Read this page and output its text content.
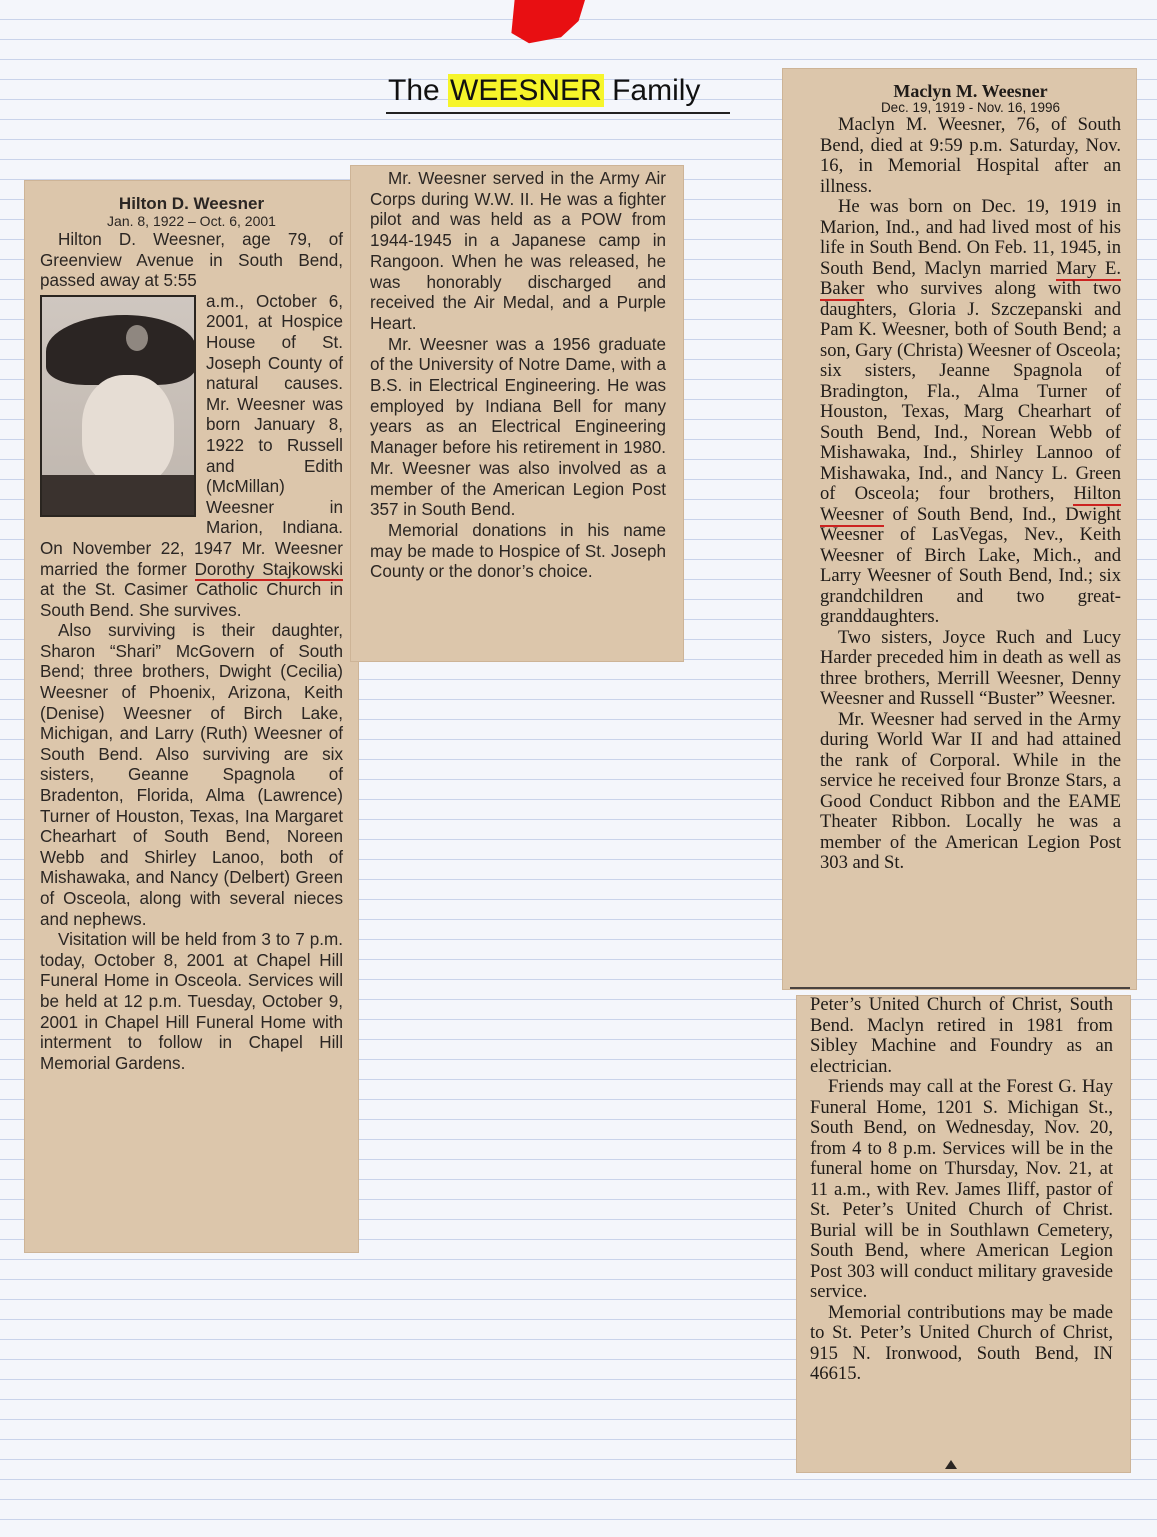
The WEESNER Family

Hilton D. Weesner

Jan. 8, 1922 – Oct. 6, 2001

Hilton D. Weesner, age 79, of Greenview Avenue in South Bend, passed away at 5:55

a.m., October 6, 2001, at Hospice House of St. Joseph County of natural causes. Mr. Weesner was born January 8, 1922 to Russell and Edith (McMillan) Weesner in Marion, Indiana. On November 22, 1947 Mr. Weesner married the former Dorothy Stajkowski at the St. Casimer Catholic Church in South Bend. She survives.

Also surviving is their daughter, Sharon “Shari” McGovern of South Bend; three brothers, Dwight (Cecilia) Weesner of Phoenix, Arizona, Keith (Denise) Weesner of Birch Lake, Michigan, and Larry (Ruth) Weesner of South Bend. Also surviving are six sisters, Geanne Spagnola of Bradenton, Florida, Alma (Lawrence) Turner of Houston, Texas, Ina Margaret Chearhart of South Bend, Noreen Webb and Shirley Lanoo, both of Mishawaka, and Nancy (Delbert) Green of Osceola, along with several nieces and nephews.

Visitation will be held from 3 to 7 p.m. today, October 8, 2001 at Chapel Hill Funeral Home in Osceola. Services will be held at 12 p.m. Tuesday, October 9, 2001 in Chapel Hill Funeral Home with interment to follow in Chapel Hill Memorial Gardens.

Mr. Weesner served in the Army Air Corps during W.W. II. He was a fighter pilot and was held as a POW from 1944-1945 in a Japanese camp in Rangoon. When he was released, he was honorably discharged and received the Air Medal, and a Purple Heart.

Mr. Weesner was a 1956 graduate of the University of Notre Dame, with a B.S. in Electrical Engineering. He was employed by Indiana Bell for many years as an Electrical Engineering Manager before his retirement in 1980. Mr. Weesner was also involved as a member of the American Legion Post 357 in South Bend.

Memorial donations in his name may be made to Hospice of St. Joseph County or the donor’s choice.

Maclyn M. Weesner

Dec. 19, 1919 - Nov. 16, 1996

Maclyn M. Weesner, 76, of South Bend, died at 9:59 p.m. Saturday, Nov. 16, in Memorial Hospital after an illness.

He was born on Dec. 19, 1919 in Marion, Ind., and had lived most of his life in South Bend. On Feb. 11, 1945, in South Bend, Maclyn married Mary E. Baker who survives along with two daughters, Gloria J. Szczepanski and Pam K. Weesner, both of South Bend; a son, Gary (Christa) Weesner of Osceola; six sisters, Jeanne Spagnola of Bradington, Fla., Alma Turner of Houston, Texas, Marg Chearhart of South Bend, Ind., Norean Webb of Mishawaka, Ind., Shirley Lannoo of Mishawaka, Ind., and Nancy L. Green of Osceola; four brothers, Hilton Weesner of South Bend, Ind., Dwight Weesner of LasVegas, Nev., Keith Weesner of Birch Lake, Mich., and Larry Weesner of South Bend, Ind.; six grandchildren and two great-granddaughters.

Two sisters, Joyce Ruch and Lucy Harder preceded him in death as well as three brothers, Merrill Weesner, Denny Weesner and Russell “Buster” Weesner.

Mr. Weesner had served in the Army during World War II and had attained the rank of Corporal. While in the service he received four Bronze Stars, a Good Conduct Ribbon and the EAME Theater Ribbon. Locally he was a member of the American Legion Post 303 and St.

Peter’s United Church of Christ, South Bend. Maclyn retired in 1981 from Sibley Machine and Foundry as an electrician.

Friends may call at the Forest G. Hay Funeral Home, 1201 S. Michigan St., South Bend, on Wednesday, Nov. 20, from 4 to 8 p.m. Services will be in the funeral home on Thursday, Nov. 21, at 11 a.m., with Rev. James Iliff, pastor of St. Peter’s United Church of Christ. Burial will be in Southlawn Cemetery, South Bend, where American Legion Post 303 will conduct military graveside service.

Memorial contributions may be made to St. Peter’s United Church of Christ, 915 N. Ironwood, South Bend, IN 46615.
